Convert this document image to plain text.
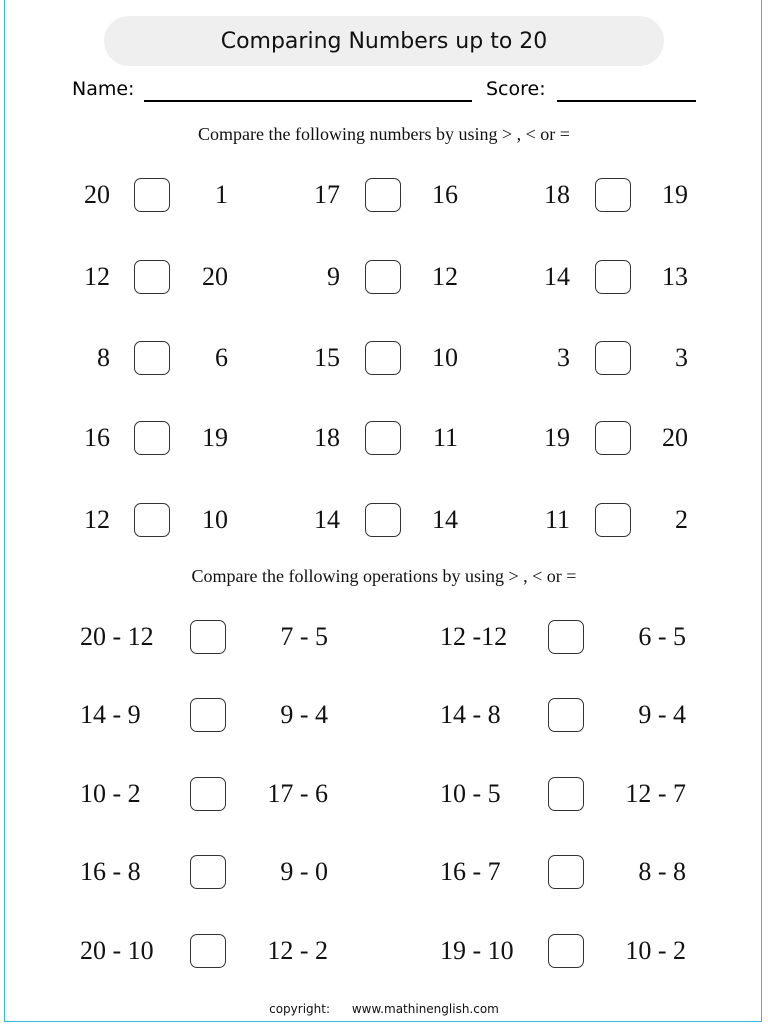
Comparing Numbers up to 20
Name:	Score:
Compare the following numbers by using > , < or =
20	1	17	16	18	19
12	20	9	12	14	13
8	6	15	10	3	3
16	19	18	11	19	20
12	10	14	14	11	2
Compare the following operations by using > , < or =
20 - 12	7 - 5	12 -12	6 - 5
14 - 9	9 - 4	14 - 8	9 - 4
10 - 2	17 - 6	10 - 5	12 - 7
16 - 8	9 - 0	16 - 7	8 - 8
20 - 10	12 - 2	19 - 10	10 - 2
copyright: www.mathinenglish.com
